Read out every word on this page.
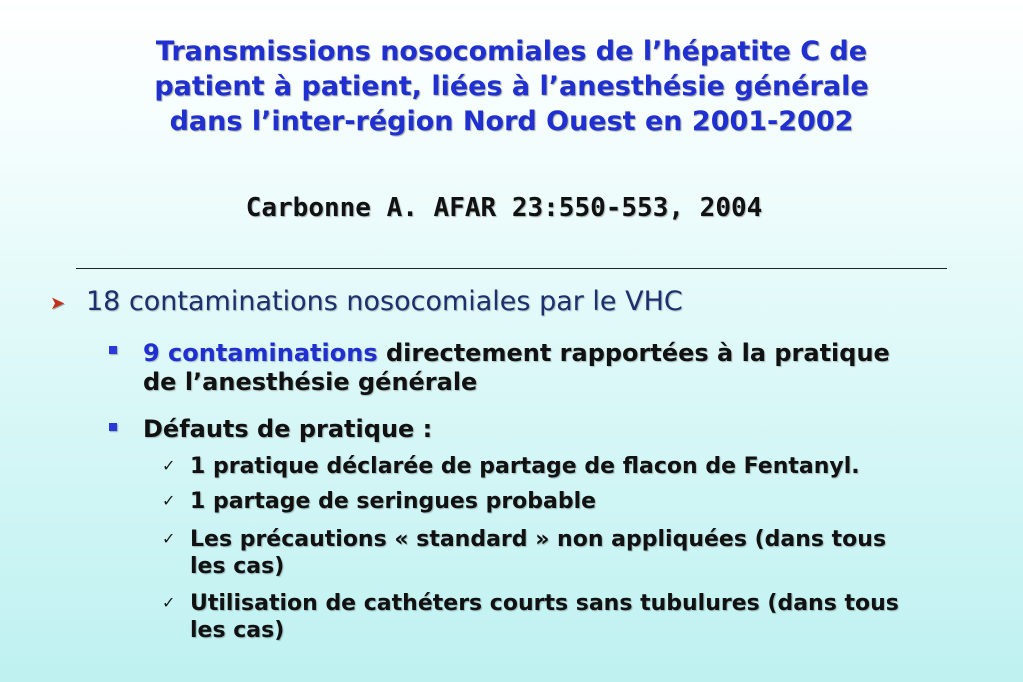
Transmissions nosocomiales de l’hépatite C de
patient à patient, liées à l’anesthésie générale
dans l’inter-région Nord Ouest en 2001-2002
Carbonne A. AFAR 23:550-553, 2004
➤ 18 contaminations nosocomiales par le VHC
9 contaminations directement rapportées à la pratique
de l’anesthésie générale
Défauts de pratique :
✓ 1 pratique déclarée de partage de flacon de Fentanyl.
✓ 1 partage de seringues probable
✓ Les précautions « standard » non appliquées (dans tous
les cas)
✓ Utilisation de cathéters courts sans tubulures (dans tous
les cas)
